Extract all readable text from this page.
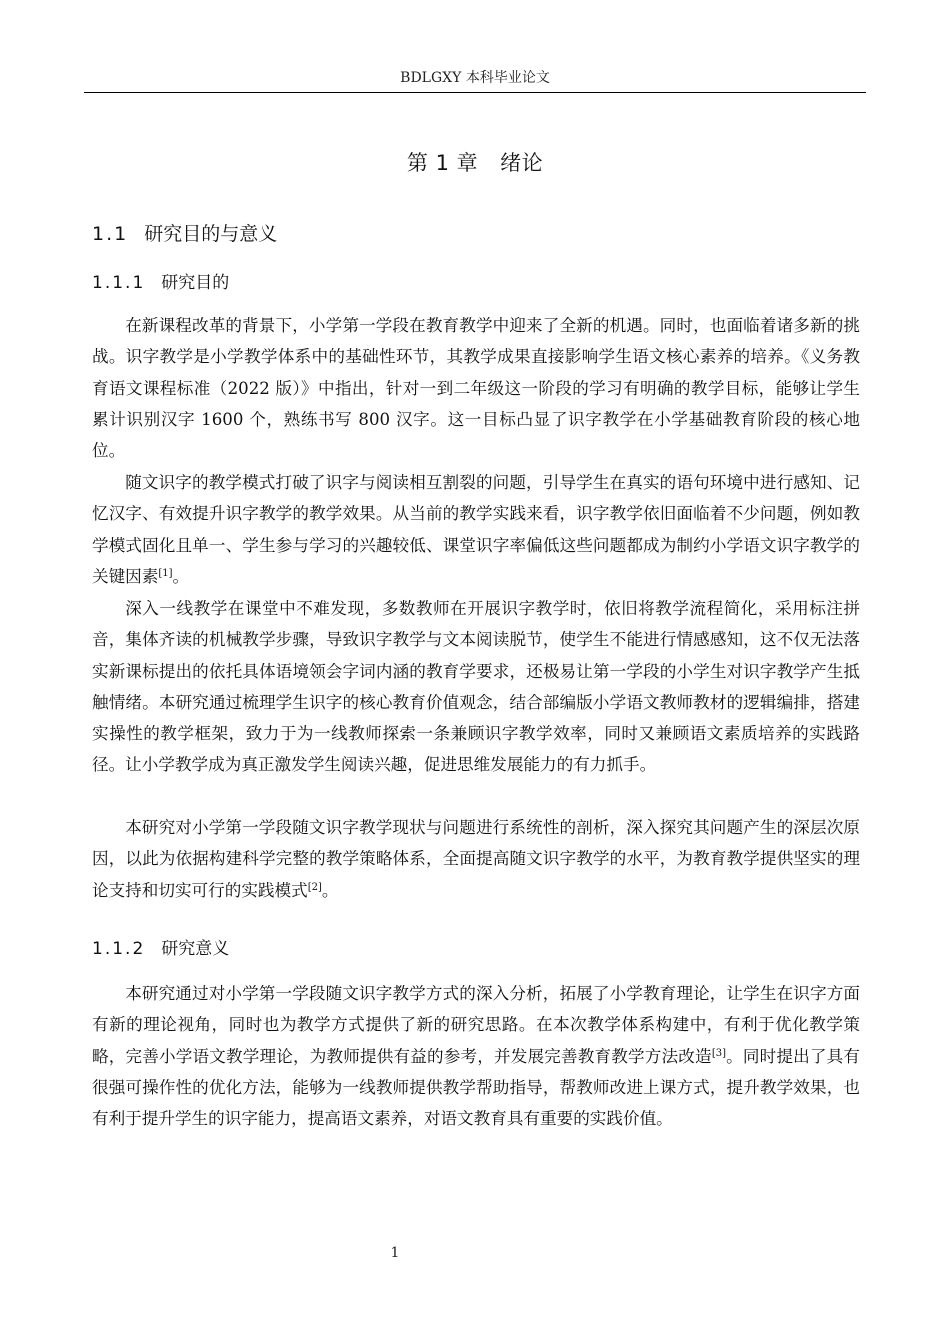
BDLGXY 本科毕业论文
第 1 章 绪论
1.1 研究目的与意义
1.1.1 研究目的

在新课程改革的背景下，小学第一学段在教育教学中迎来了全新的机遇。同时，也面临着诸多新的挑战。识字教学是小学教学体系中的基础性环节，其教学成果直接影响学生语文核心素养的培养。《义务教育语文课程标准（2022 版）》中指出，针对一到二年级这一阶段的学习有明确的教学目标，能够让学生累计识别汉字 1600 个，熟练书写 800 汉字。这一目标凸显了识字教学在小学基础教育阶段的核心地位。

随文识字的教学模式打破了识字与阅读相互割裂的问题，引导学生在真实的语句环境中进行感知、记忆汉字、有效提升识字教学的教学效果。从当前的教学实践来看，识字教学依旧面临着不少问题，例如教学模式固化且单一、学生参与学习的兴趣较低、课堂识字率偏低这些问题都成为制约小学语文识字教学的关键因素[1]。

深入一线教学在课堂中不难发现，多数教师在开展识字教学时，依旧将教学流程简化，采用标注拼音，集体齐读的机械教学步骤，导致识字教学与文本阅读脱节，使学生不能进行情感感知，这不仅无法落实新课标提出的依托具体语境领会字词内涵的教育学要求，还极易让第一学段的小学生对识字教学产生抵触情绪。本研究通过梳理学生识字的核心教育价值观念，结合部编版小学语文教师教材的逻辑编排，搭建实操性的教学框架，致力于为一线教师探索一条兼顾识字教学效率，同时又兼顾语文素质培养的实践路径。让小学教学成为真正激发学生阅读兴趣，促进思维发展能力的有力抓手。

本研究对小学第一学段随文识字教学现状与问题进行系统性的剖析，深入探究其问题产生的深层次原因，以此为依据构建科学完整的教学策略体系，全面提高随文识字教学的水平，为教育教学提供坚实的理论支持和切实可行的实践模式[2]。

1.1.2 研究意义

本研究通过对小学第一学段随文识字教学方式的深入分析，拓展了小学教育理论，让学生在识字方面有新的理论视角，同时也为教学方式提供了新的研究思路。在本次教学体系构建中，有利于优化教学策略，完善小学语文教学理论，为教师提供有益的参考，并发展完善教育教学方法改造[3]。同时提出了具有很强可操作性的优化方法，能够为一线教师提供教学帮助指导，帮教师改进上课方式，提升教学效果，也有利于提升学生的识字能力，提高语文素养，对语文教育具有重要的实践价值。

1
